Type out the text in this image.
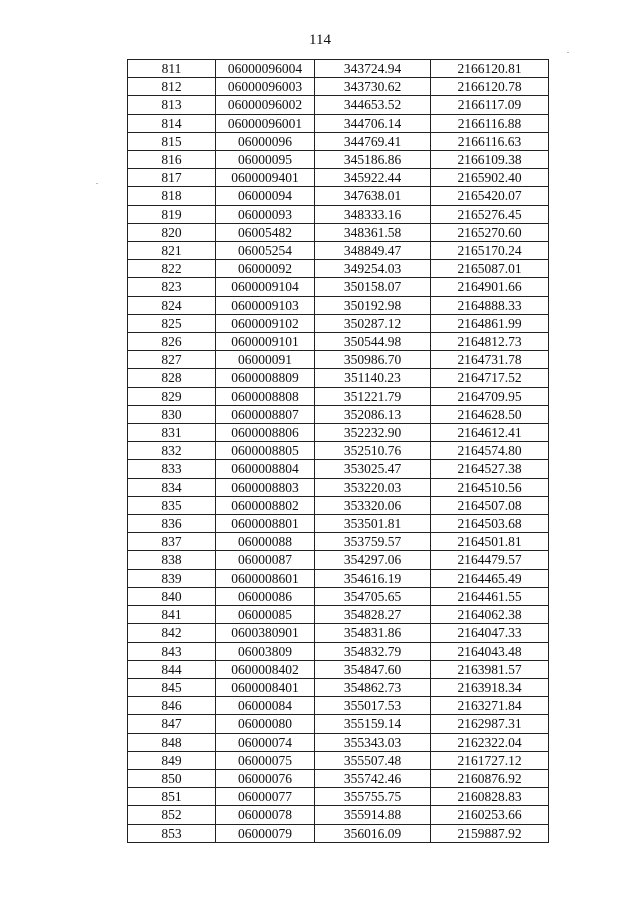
114
811	06000096004	343724.94	2166120.81
812	06000096003	343730.62	2166120.78
813	06000096002	344653.52	2166117.09
814	06000096001	344706.14	2166116.88
815	06000096	344769.41	2166116.63
816	06000095	345186.86	2166109.38
817	0600009401	345922.44	2165902.40
818	06000094	347638.01	2165420.07
819	06000093	348333.16	2165276.45
820	06005482	348361.58	2165270.60
821	06005254	348849.47	2165170.24
822	06000092	349254.03	2165087.01
823	0600009104	350158.07	2164901.66
824	0600009103	350192.98	2164888.33
825	0600009102	350287.12	2164861.99
826	0600009101	350544.98	2164812.73
827	06000091	350986.70	2164731.78
828	0600008809	351140.23	2164717.52
829	0600008808	351221.79	2164709.95
830	0600008807	352086.13	2164628.50
831	0600008806	352232.90	2164612.41
832	0600008805	352510.76	2164574.80
833	0600008804	353025.47	2164527.38
834	0600008803	353220.03	2164510.56
835	0600008802	353320.06	2164507.08
836	0600008801	353501.81	2164503.68
837	06000088	353759.57	2164501.81
838	06000087	354297.06	2164479.57
839	0600008601	354616.19	2164465.49
840	06000086	354705.65	2164461.55
841	06000085	354828.27	2164062.38
842	0600380901	354831.86	2164047.33
843	06003809	354832.79	2164043.48
844	0600008402	354847.60	2163981.57
845	0600008401	354862.73	2163918.34
846	06000084	355017.53	2163271.84
847	06000080	355159.14	2162987.31
848	06000074	355343.03	2162322.04
849	06000075	355507.48	2161727.12
850	06000076	355742.46	2160876.92
851	06000077	355755.75	2160828.83
852	06000078	355914.88	2160253.66
853	06000079	356016.09	2159887.92
